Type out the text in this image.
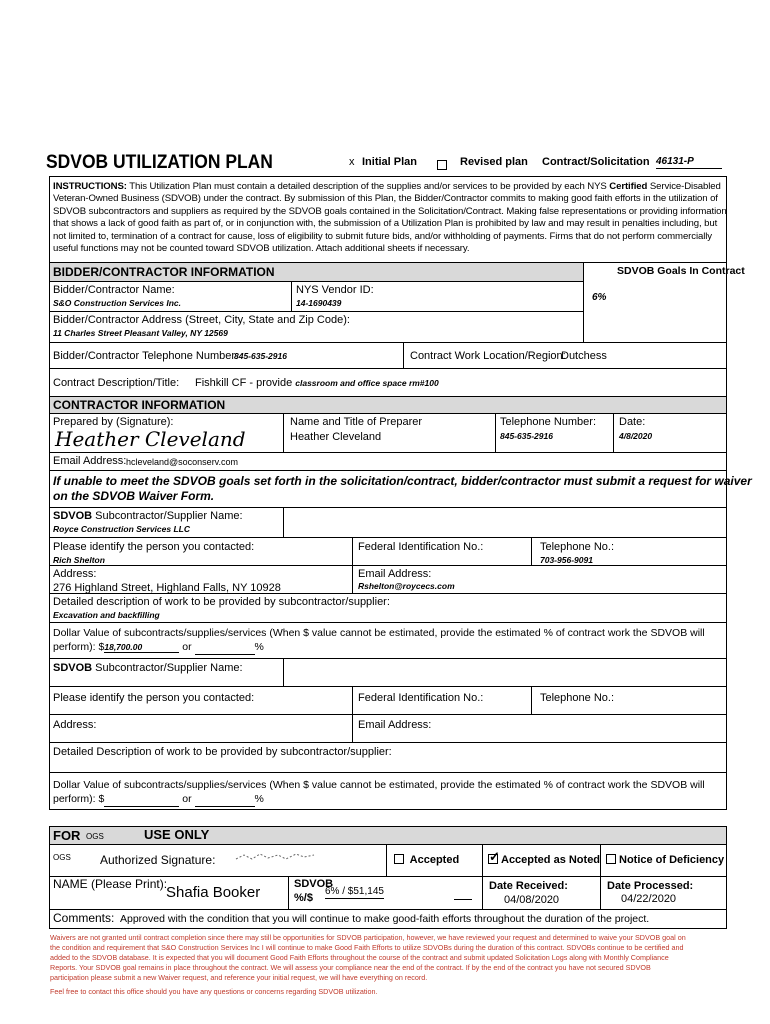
SDVOB UTILIZATION PLAN	x Initial Plan	Revised plan Contract/Solicitation 46131-P
INSTRUCTIONS: This Utilization Plan must contain a detailed description of the supplies and/or services to be provided by each NYS Certified Service-Disabled
Veteran-Owned Business (SDVOB) under the contract. By submission of this Plan, the Bidder/Contractor commits to making good faith efforts in the utilization of
SDVOB subcontractors and suppliers as required by the SDVOB goals contained in the Solicitation/Contract. Making false representations or providing information
that shows a lack of good faith as part of, or in conjunction with, the submission of a Utilization Plan is prohibited by law and may result in penalties including, but
not limited to, termination of a contract for cause, loss of eligibility to submit future bids, and/or withholding of payments. Firms that do not perform commercially
useful functions may not be counted toward SDVOB utilization. Attach additional sheets if necessary.
BIDDER/CONTRACTOR INFORMATION	SDVOB Goals In Contract
Bidder/Contractor Name:
S&O Construction Services Inc.
NYS Vendor ID:
14-1690439	6%
Bidder/Contractor Address (Street, City, State and Zip Code):
11 Charles Street Pleasant Valley, NY 12569
Bidder/Contractor Telephone Number:
845-635-2916	Contract Work Location/Region:
Dutchess
Contract Description/Title: Fishkill CF - provide classroom and office space rm#100
CONTRACTOR INFORMATION
Prepared by (Signature):
Heather Cleveland
Name and Title of Preparer
Heather Cleveland
Telephone Number:
845-635-2916
Date:
4/8/2020
Email Address: hcleveland@soconserv.com
If unable to meet the SDVOB goals set forth in the solicitation/contract, bidder/contractor must submit a request for waiver
on the SDVOB Waiver Form.
SDVOB Subcontractor/Supplier Name:
Royce Construction Services LLC
Please identify the person you contacted:
Rich Shelton
Federal Identification No.:	Telephone No.:
703-956-9091
Address:
276 Highland Street, Highland Falls, NY 10928
Email Address:
Rshelton@roycecs.com
Detailed description of work to be provided by subcontractor/supplier:
Excavation and backfilling
Dollar Value of subcontracts/supplies/services (When $ value cannot be estimated, provide the estimated % of contract work the SDVOB will
perform): $18,700.00	or	%
SDVOB Subcontractor/Supplier Name:
Please identify the person you contacted:	Federal Identification No.:	Telephone No.:
Address:	Email Address:
Detailed Description of work to be provided by subcontractor/supplier:
Dollar Value of subcontracts/supplies/services (When $ value cannot be estimated, provide the estimated % of contract work the SDVOB will
perform): $	or	%
FOR OGS	USE ONLY
OGS Authorized Signature:	Accepted
✓	Accepted as Noted	Notice of Deficiency
NAME (Please Print):
Shafia Booker	SDVOB
%/$
6% / $51,145	Date Received:
04/08/2020
Date Processed:
04/22/2020
Comments: Approved with the condition that you will continue to make good-faith efforts throughout the duration of the project.
Waivers are not granted until contract completion since there may still be opportunities for SDVOB participation, however, we have reviewed your request and determined to waive your SDVOB goal on
the condition and requirement that S&O Construction Services Inc I will continue to make Good Faith Efforts to utilize SDVOBs during the duration of this contract. SDVOBs continue to be certified and
added to the SDVOB database. It is expected that you will document Good Faith Efforts throughout the course of the contract and submit updated Solicitation Logs along with Monthly Compliance
Reports. Your SDVOB goal remains in place throughout the contract. We will assess your compliance near the end of the contract. If by the end of the contract you have not secured SDVOB
participation please submit a new Waiver request, and reference your initial request, we will have everything on record.
Feel free to contact this office should you have any questions or concerns regarding SDVOB utilization.
